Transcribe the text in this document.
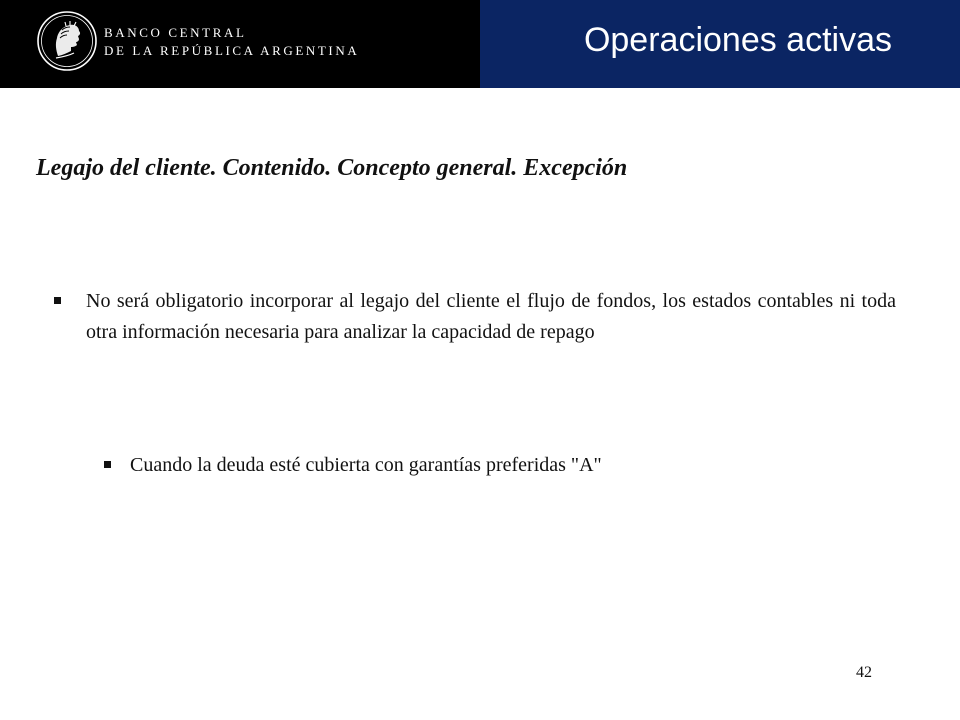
BANCO CENTRAL
DE LA REPÚBLICA ARGENTINA	Operaciones activas
Legajo del cliente. Contenido. Concepto general. Excepción
No será obligatorio incorporar al legajo del cliente el flujo de fondos, los estados contables ni toda otra información necesaria para analizar la capacidad de repago
Cuando la deuda esté cubierta con garantías preferidas "A"
42
